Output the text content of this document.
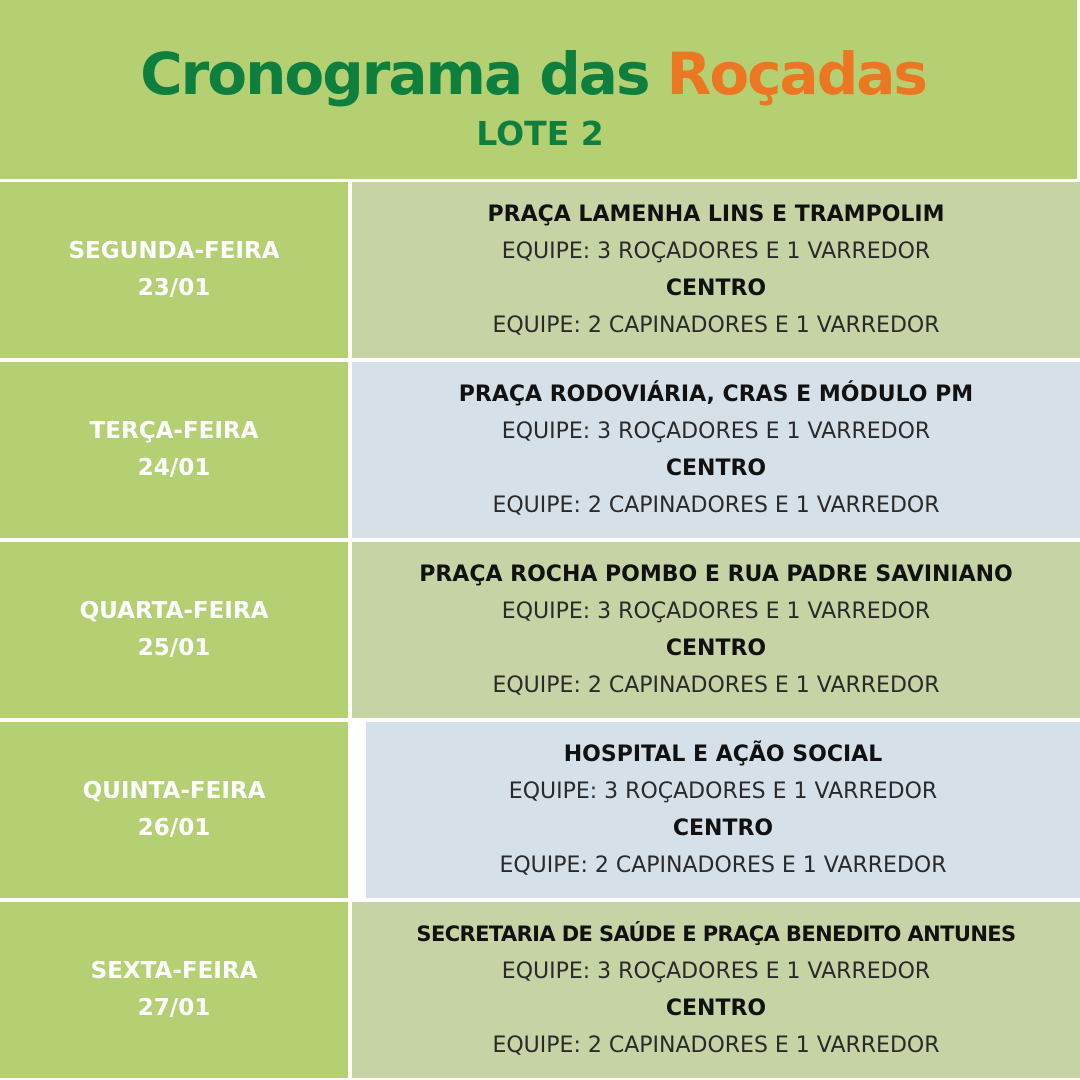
Cronograma das Roçadas
LOTE 2
SEGUNDA-FEIRA
23/01
PRAÇA LAMENHA LINS E TRAMPOLIM
EQUIPE: 3 ROÇADORES E 1 VARREDOR
CENTRO
EQUIPE: 2 CAPINADORES E 1 VARREDOR
TERÇA-FEIRA
24/01
PRAÇA RODOVIÁRIA, CRAS E MÓDULO PM
EQUIPE: 3 ROÇADORES E 1 VARREDOR
CENTRO
EQUIPE: 2 CAPINADORES E 1 VARREDOR
QUARTA-FEIRA
25/01
PRAÇA ROCHA POMBO E RUA PADRE SAVINIANO
EQUIPE: 3 ROÇADORES E 1 VARREDOR
CENTRO
EQUIPE: 2 CAPINADORES E 1 VARREDOR
QUINTA-FEIRA
26/01
HOSPITAL E AÇÃO SOCIAL
EQUIPE: 3 ROÇADORES E 1 VARREDOR
CENTRO
EQUIPE: 2 CAPINADORES E 1 VARREDOR
SEXTA-FEIRA
27/01
SECRETARIA DE SAÚDE E PRAÇA BENEDITO ANTUNES
EQUIPE: 3 ROÇADORES E 1 VARREDOR
CENTRO
EQUIPE: 2 CAPINADORES E 1 VARREDOR
